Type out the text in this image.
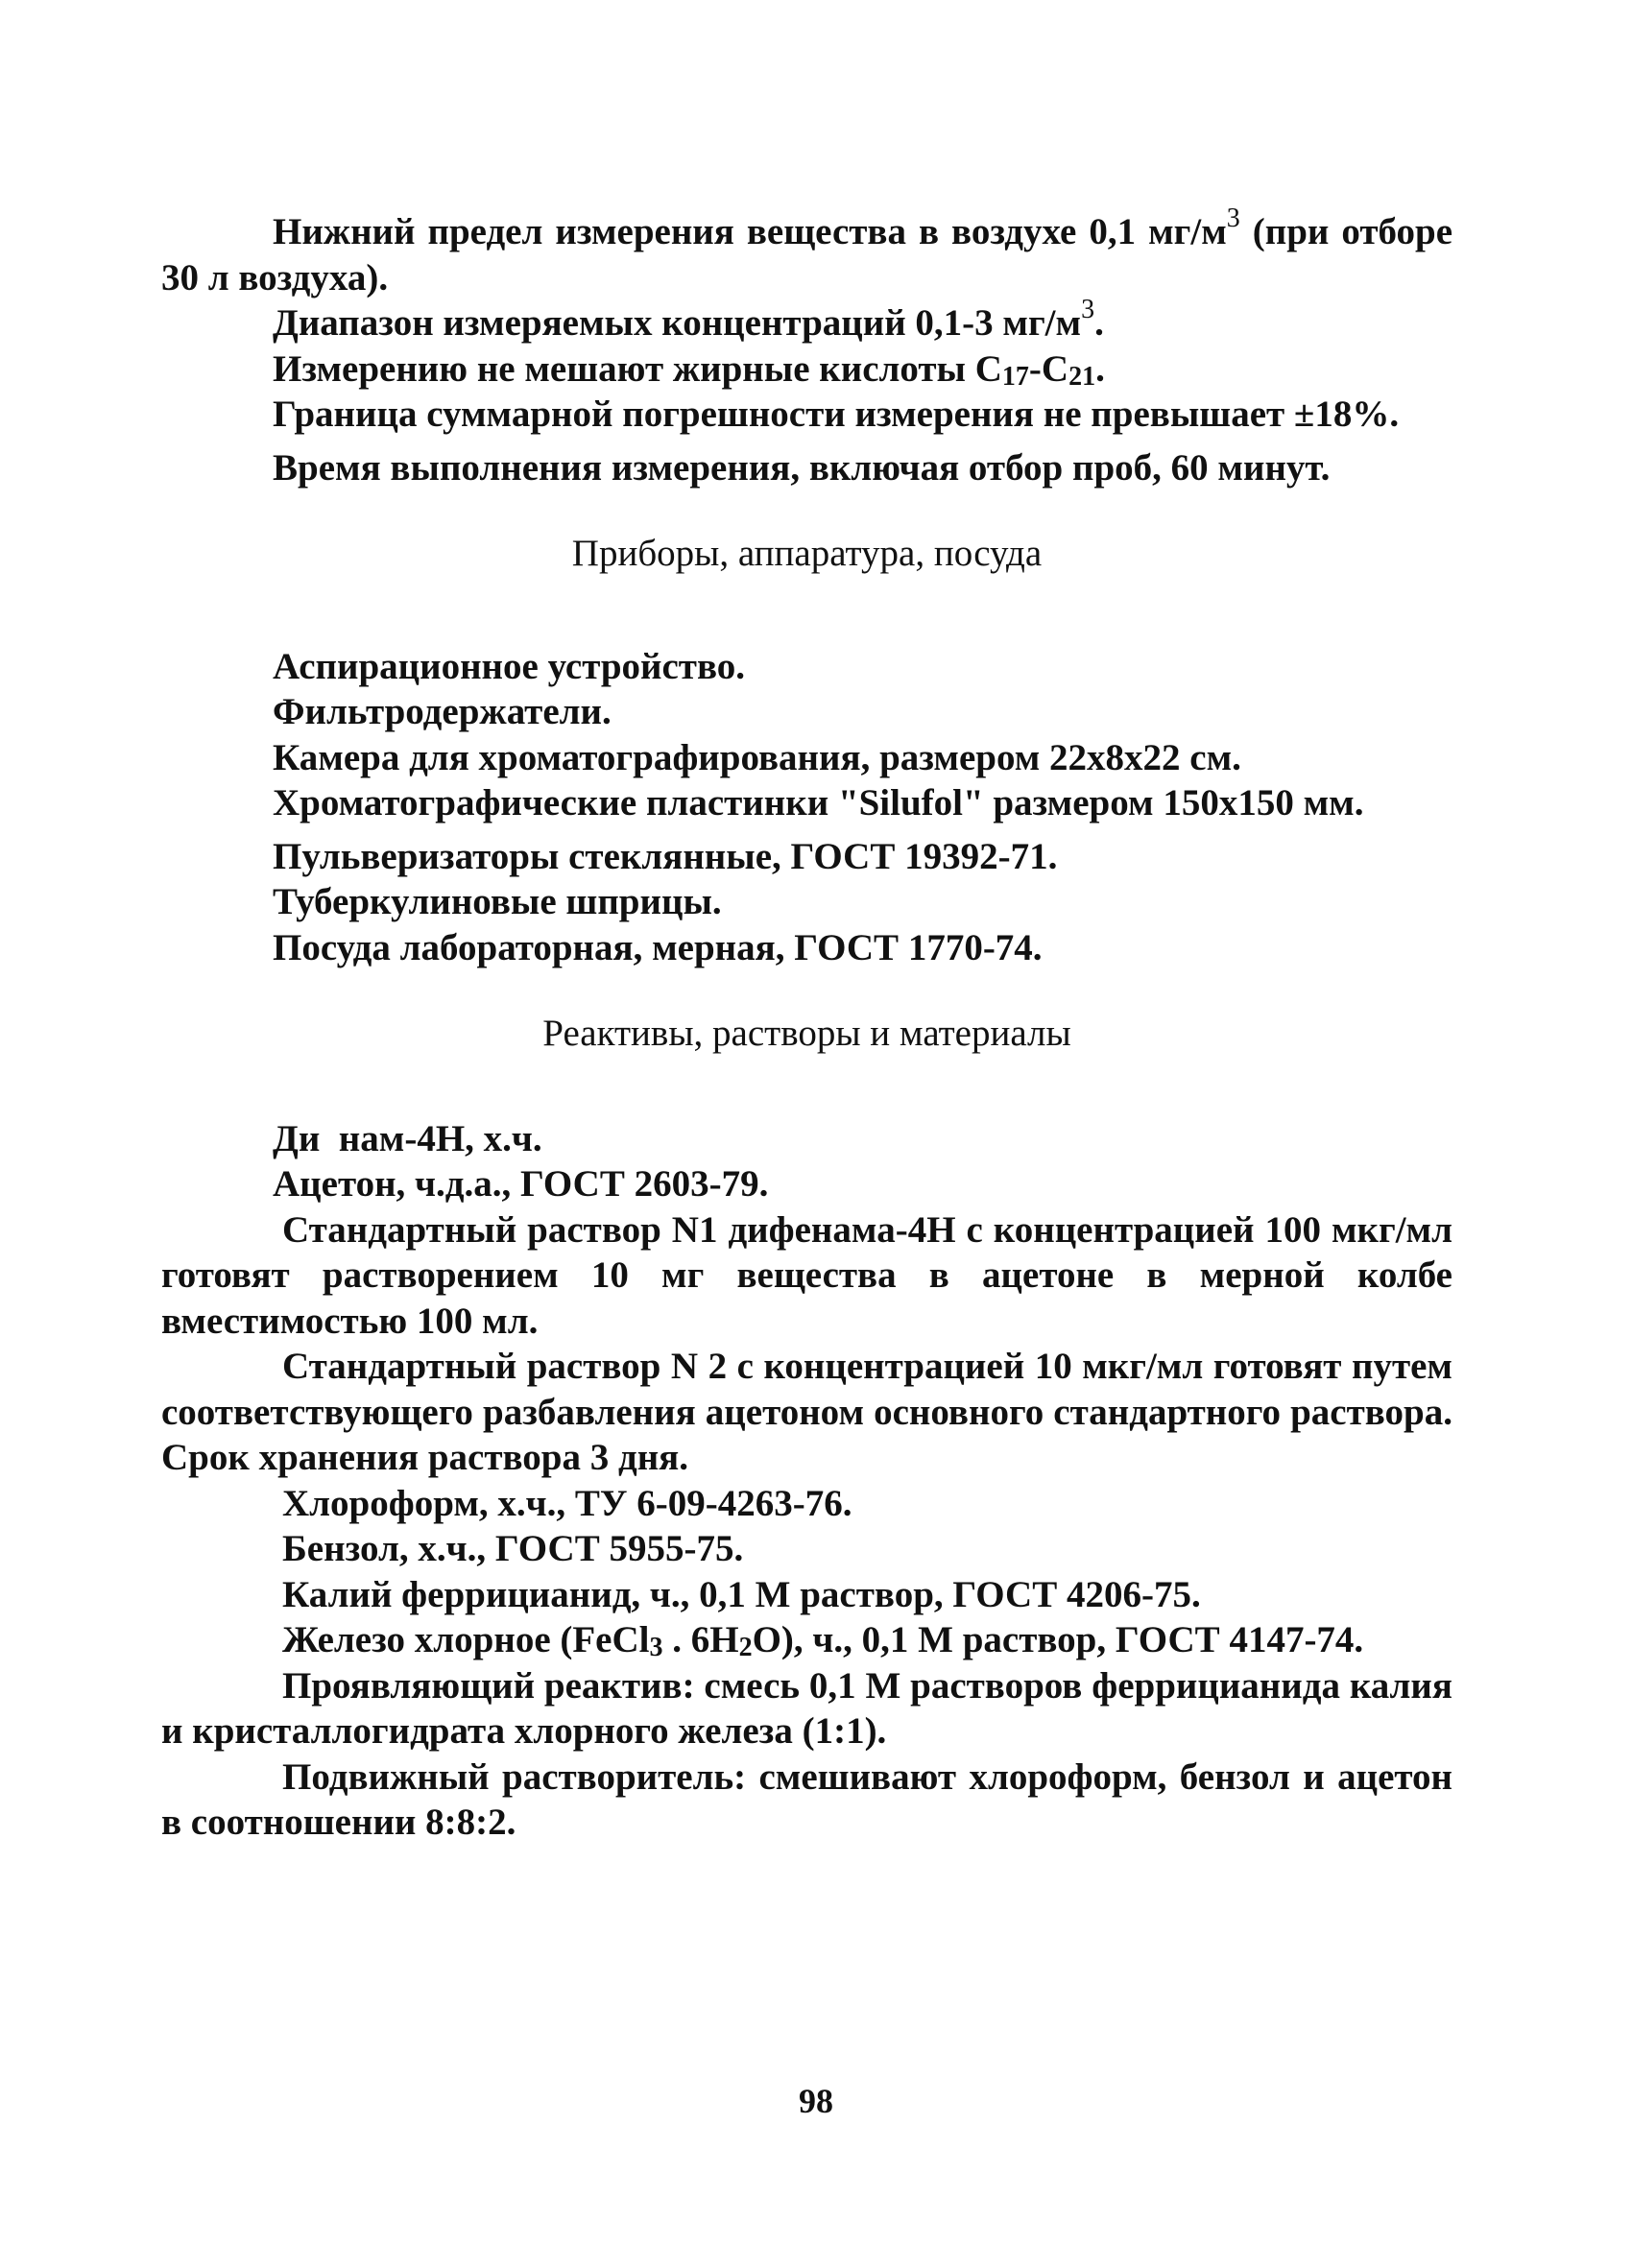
Нижний предел измерения вещества в воздухе 0,1 $мг/м^3$ (при отборе 30 л воздуха).

Диапазон измеряемых концентраций 0,1-3 $мг/м^3$.

Измерению не мешают жирные кислоты $С_{17}-С_{21}$.

Граница суммарной погрешности измерения не превышает ±18%.

Время выполнения измерения, включая отбор проб, 60 минут.

Приборы, аппаратура, посуда

Аспирационное устройство.

Фильтродержатели.

Камера для хроматографирования, размером 22х8х22 см.

Хроматографические пластинки "Silufol" размером 150х150 мм.

Пульверизаторы стеклянные, ГОСТ 19392-71.

Туберкулиновые шприцы.

Посуда лабораторная, мерная, ГОСТ 1770-74.

Реактивы, растворы и материалы

Ди  нам-4Н, х.ч.

Ацетон, ч.д.а., ГОСТ 2603-79.

Стандартный раствор N1 дифенама-4Н с концентрацией 100 мкг/мл готовят растворением 10 мг вещества в ацетоне в мерной колбе вместимостью 100 мл.

Стандартный раствор N 2 с концентрацией 10 мкг/мл готовят путем соответствующего разбавления ацетоном основного стандартного раствора. Срок хранения раствора 3 дня.

Хлороформ, х.ч., ТУ 6-09-4263-76.

Бензол, х.ч., ГОСТ 5955-75.

Калий феррицианид, ч., 0,1 М раствор, ГОСТ 4206-75.

Железо хлорное (FeCl$_3$ . $6H_2O$), ч., 0,1 М раствор, ГОСТ 4147-74.

Проявляющий реактив: смесь 0,1 М растворов феррицианида калия и кристаллогидрата хлорного железа (1:1).

Подвижный растворитель: смешивают хлороформ, бензол и ацетон в соотношении 8:8:2.

98
